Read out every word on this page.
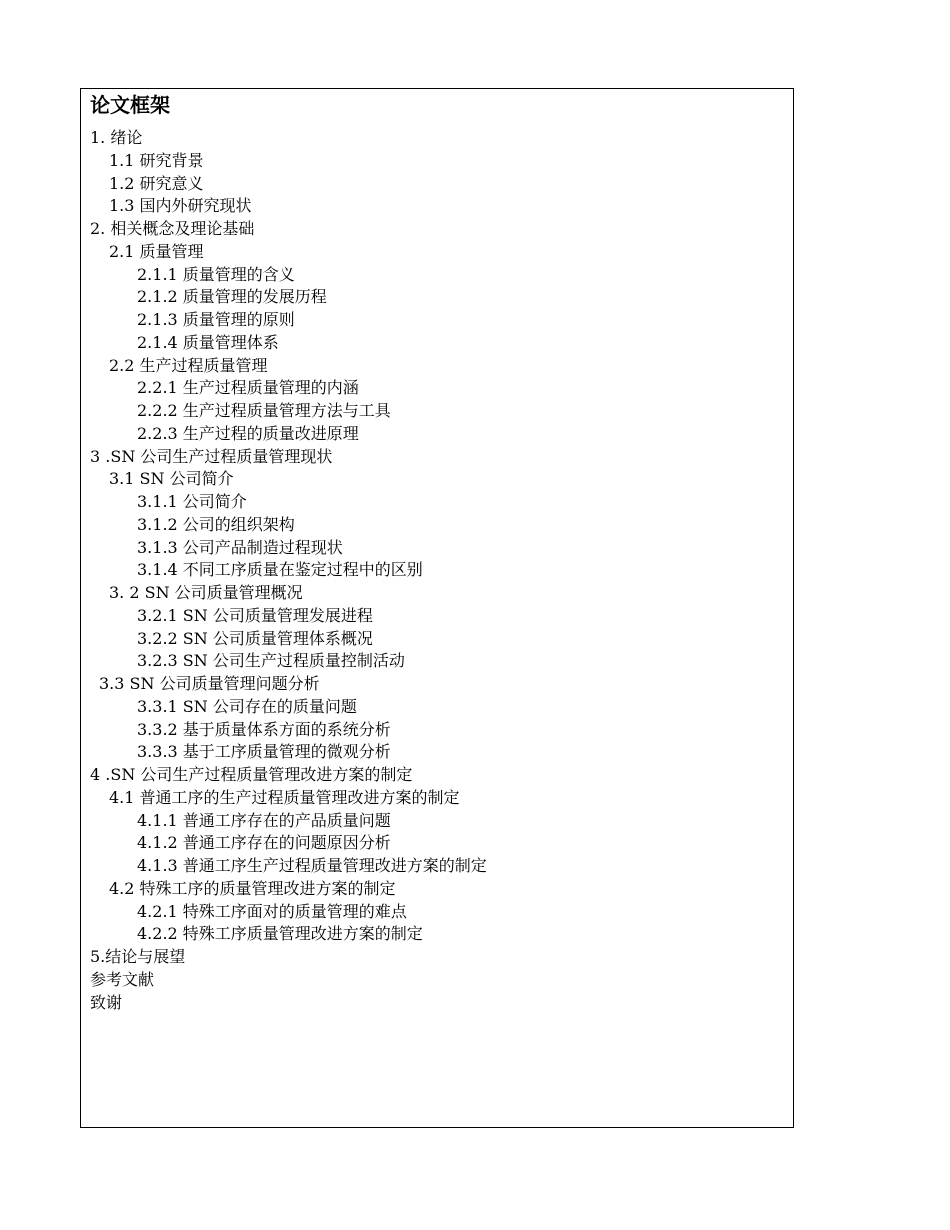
论文框架
1. 绪论
1.1 研究背景
1.2 研究意义
1.3 国内外研究现状
2. 相关概念及理论基础
2.1 质量管理
2.1.1 质量管理的含义
2.1.2 质量管理的发展历程
2.1.3 质量管理的原则
2.1.4 质量管理体系
2.2 生产过程质量管理
2.2.1 生产过程质量管理的内涵
2.2.2 生产过程质量管理方法与工具
2.2.3 生产过程的质量改进原理
3 .SN 公司生产过程质量管理现状
3.1 SN 公司简介
3.1.1 公司简介
3.1.2 公司的组织架构
3.1.3 公司产品制造过程现状
3.1.4 不同工序质量在鉴定过程中的区别
3. 2 SN 公司质量管理概况
3.2.1 SN 公司质量管理发展进程
3.2.2 SN 公司质量管理体系概况
3.2.3 SN 公司生产过程质量控制活动
3.3 SN 公司质量管理问题分析
3.3.1 SN 公司存在的质量问题
3.3.2 基于质量体系方面的系统分析
3.3.3 基于工序质量管理的微观分析
4 .SN 公司生产过程质量管理改进方案的制定
4.1 普通工序的生产过程质量管理改进方案的制定
4.1.1 普通工序存在的产品质量问题
4.1.2 普通工序存在的问题原因分析
4.1.3 普通工序生产过程质量管理改进方案的制定
4.2 特殊工序的质量管理改进方案的制定
4.2.1 特殊工序面对的质量管理的难点
4.2.2 特殊工序质量管理改进方案的制定
5.结论与展望
参考文献
致谢
